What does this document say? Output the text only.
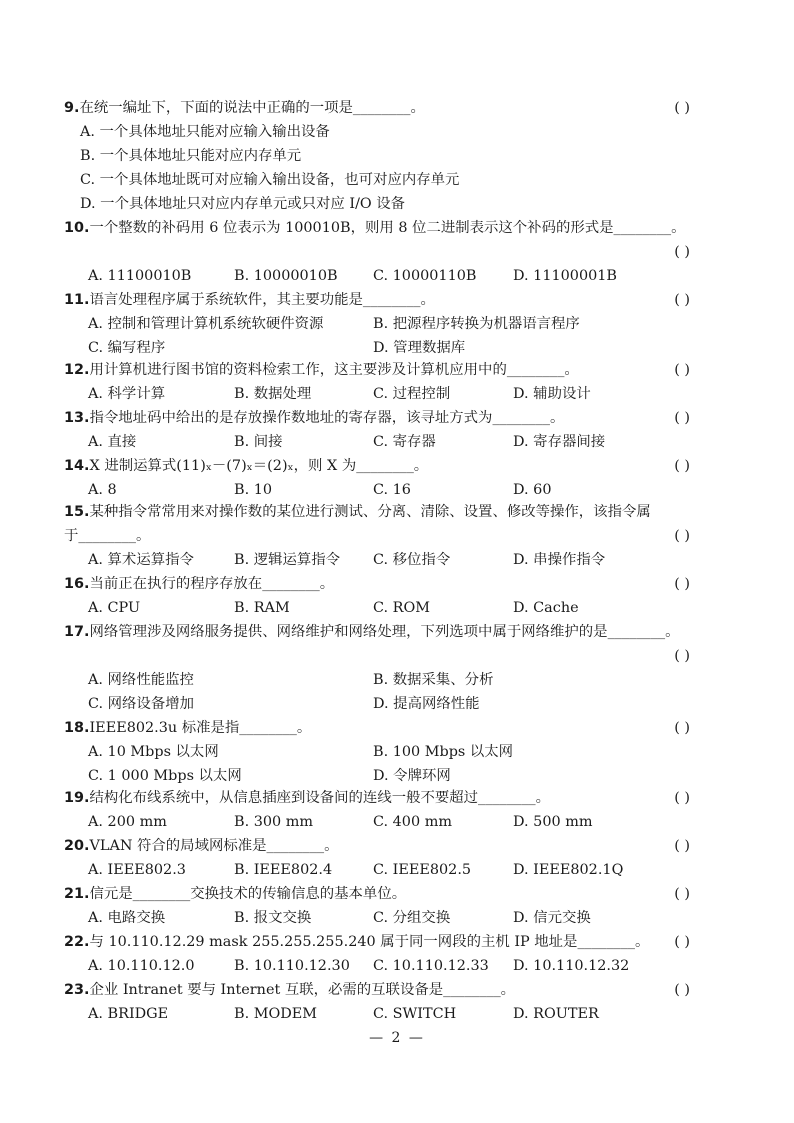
9.在统一编址下，下面的说法中正确的一项是________。	( )
A. 一个具体地址只能对应输入输出设备
B. 一个具体地址只能对应内存单元
C. 一个具体地址既可对应输入输出设备，也可对应内存单元
D. 一个具体地址只对应内存单元或只对应 I/O 设备
10.一个整数的补码用 6 位表示为 100010B，则用 8 位二进制表示这个补码的形式是________。
( )
A. 11100010B	B. 10000010B C. 10000110B	D. 11100001B
11.语言处理程序属于系统软件，其主要功能是________。	( )
A. 控制和管理计算机系统软硬件资源	B. 把源程序转换为机器语言程序
C. 编写程序	D. 管理数据库
12.用计算机进行图书馆的资料检索工作，这主要涉及计算机应用中的________。	( )
A. 科学计算	B. 数据处理	C. 过程控制	D. 辅助设计
13.指令地址码中给出的是存放操作数地址的寄存器，该寻址方式为________。	( )
A. 直接	B. 间接	C. 寄存器	D. 寄存器间接
14.X 进制运算式(11)ₓ－(7)ₓ＝(2)ₓ，则 X 为________。	( )
A. 8	B. 10	C. 16	D. 60
15.某种指令常常用来对操作数的某位进行测试、分离、清除、设置、修改等操作，该指令属
于________。	( )
A. 算术运算指令	B. 逻辑运算指令 C. 移位指令	D. 串操作指令
16.当前正在执行的程序存放在________。	( )
A. CPU	B. RAM	C. ROM	D. Cache
17.网络管理涉及网络服务提供、网络维护和网络处理，下列选项中属于网络维护的是________。
( )
A. 网络性能监控	B. 数据采集、分析
C. 网络设备增加	D. 提高网络性能
18.IEEE802.3u 标准是指________。	( )
A. 10 Mbps 以太网	B. 100 Mbps 以太网
C. 1 000 Mbps 以太网	D. 令牌环网
19.结构化布线系统中，从信息插座到设备间的连线一般不要超过________。	( )
A. 200 mm	B. 300 mm	C. 400 mm	D. 500 mm
20.VLAN 符合的局域网标准是________。	( )
A. IEEE802.3	B. IEEE802.4	C. IEEE802.5	D. IEEE802.1Q
21.信元是________交换技术的传输信息的基本单位。	( )
A. 电路交换	B. 报文交换	C. 分组交换	D. 信元交换
22.与 10.110.12.29 mask 255.255.255.240 属于同一网段的主机 IP 地址是________。 ( )
A. 10.110.12.0	B. 10.110.12.30 C. 10.110.12.33 D. 10.110.12.32
23.企业 Intranet 要与 Internet 互联，必需的互联设备是________。	( )
A. BRIDGE	B. MODEM	C. SWITCH	D. ROUTER
— 2 —
